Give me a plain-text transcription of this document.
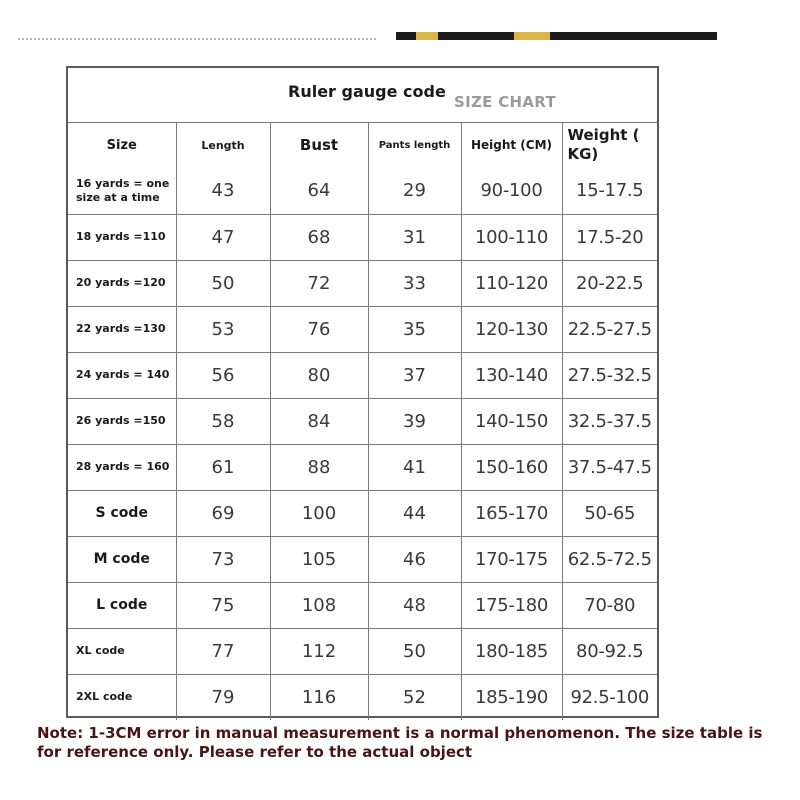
Ruler gauge code
SIZE CHART
Size	Length	Bust	Pants length	Height (CM)	Weight ( KG)
16 yards = one size at a time	43	64	29	90-100	15-17.5
18 yards =110	47	68	31	100-110	17.5-20
20 yards =120	50	72	33	110-120	20-22.5
22 yards =130	53	76	35	120-130	22.5-27.5
24 yards = 140	56	80	37	130-140	27.5-32.5
26 yards =150	58	84	39	140-150	32.5-37.5
28 yards = 160	61	88	41	150-160	37.5-47.5
S code	69	100	44	165-170	50-65
M code	73	105	46	170-175	62.5-72.5
L code	75	108	48	175-180	70-80
XL code	77	112	50	180-185	80-92.5
2XL code	79	116	52	185-190	92.5-100
Note: 1-3CM error in manual measurement is a normal phenomenon. The size table is for reference only. Please refer to the actual object
